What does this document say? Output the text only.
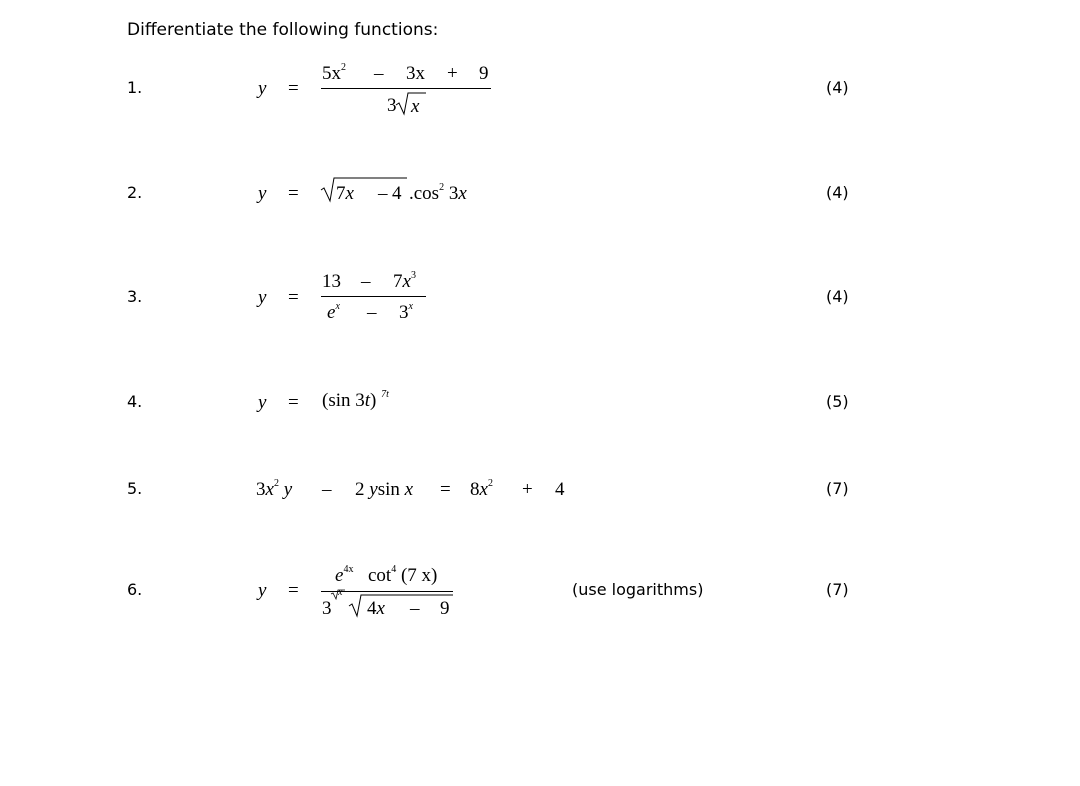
Differentiate the following functions:
1.
2.
3.
4.
5.
6.
(4)
(4)
(4)
(5)
(7)
(7)
(use logarithms)
y =
$5x^2 - 3x + 9$
3 x
y = 7x – 4 $.\cos^2$ 3x
y =
$13 - 7x^3$
$e^x - 3^x$
y = (sin 3t) $^{7t}$
$3x^2$ y – 2 ysin $x = 8x^2 + 4$
y =
$e^{4x}$ $\cot^4 (7$ x)
3
x
4x – 9
